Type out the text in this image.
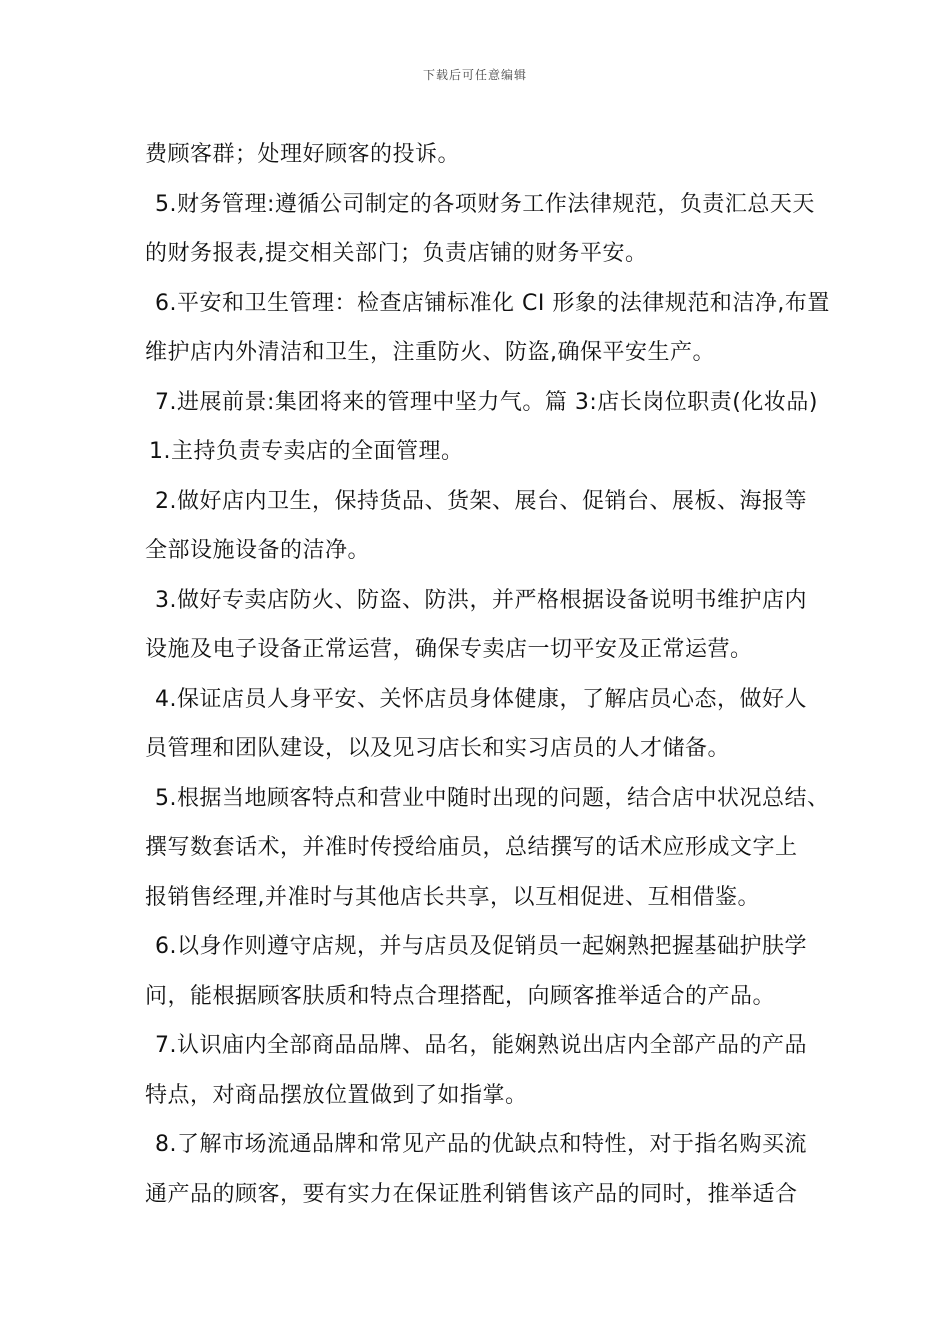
下载后可任意编辑
费顾客群；处理好顾客的投诉。
5.财务管理:遵循公司制定的各项财务工作法律规范，负责汇总天天
的财务报表,提交相关部门；负责店铺的财务平安。
6.平安和卫生管理：检查店铺标准化 CI 形象的法律规范和洁净,布置
维护店内外清洁和卫生，注重防火、防盗,确保平安生产。
7.进展前景:集团将来的管理中坚力气。篇 3:店长岗位职责(化妆品)
1.主持负责专卖店的全面管理。
2.做好店内卫生，保持货品、货架、展台、促销台、展板、海报等
全部设施设备的洁净。
3.做好专卖店防火、防盗、防洪，并严格根据设备说明书维护店内
设施及电子设备正常运营，确保专卖店一切平安及正常运营。
4.保证店员人身平安、关怀店员身体健康，了解店员心态，做好人
员管理和团队建设，以及见习店长和实习店员的人才储备。
5.根据当地顾客特点和营业中随时出现的问题，结合店中状况总结、
撰写数套话术，并准时传授给庙员，总结撰写的话术应形成文字上
报销售经理,并准时与其他店长共享，以互相促进、互相借鉴。
6.以身作则遵守店规，并与店员及促销员一起娴熟把握基础护肤学
问，能根据顾客肤质和特点合理搭配，向顾客推举适合的产品。
7.认识庙内全部商品品牌、品名，能娴熟说出店内全部产品的产品
特点，对商品摆放位置做到了如指掌。
8.了解市场流通品牌和常见产品的优缺点和特性，对于指名购买流
通产品的顾客，要有实力在保证胜利销售该产品的同时，推举适合
